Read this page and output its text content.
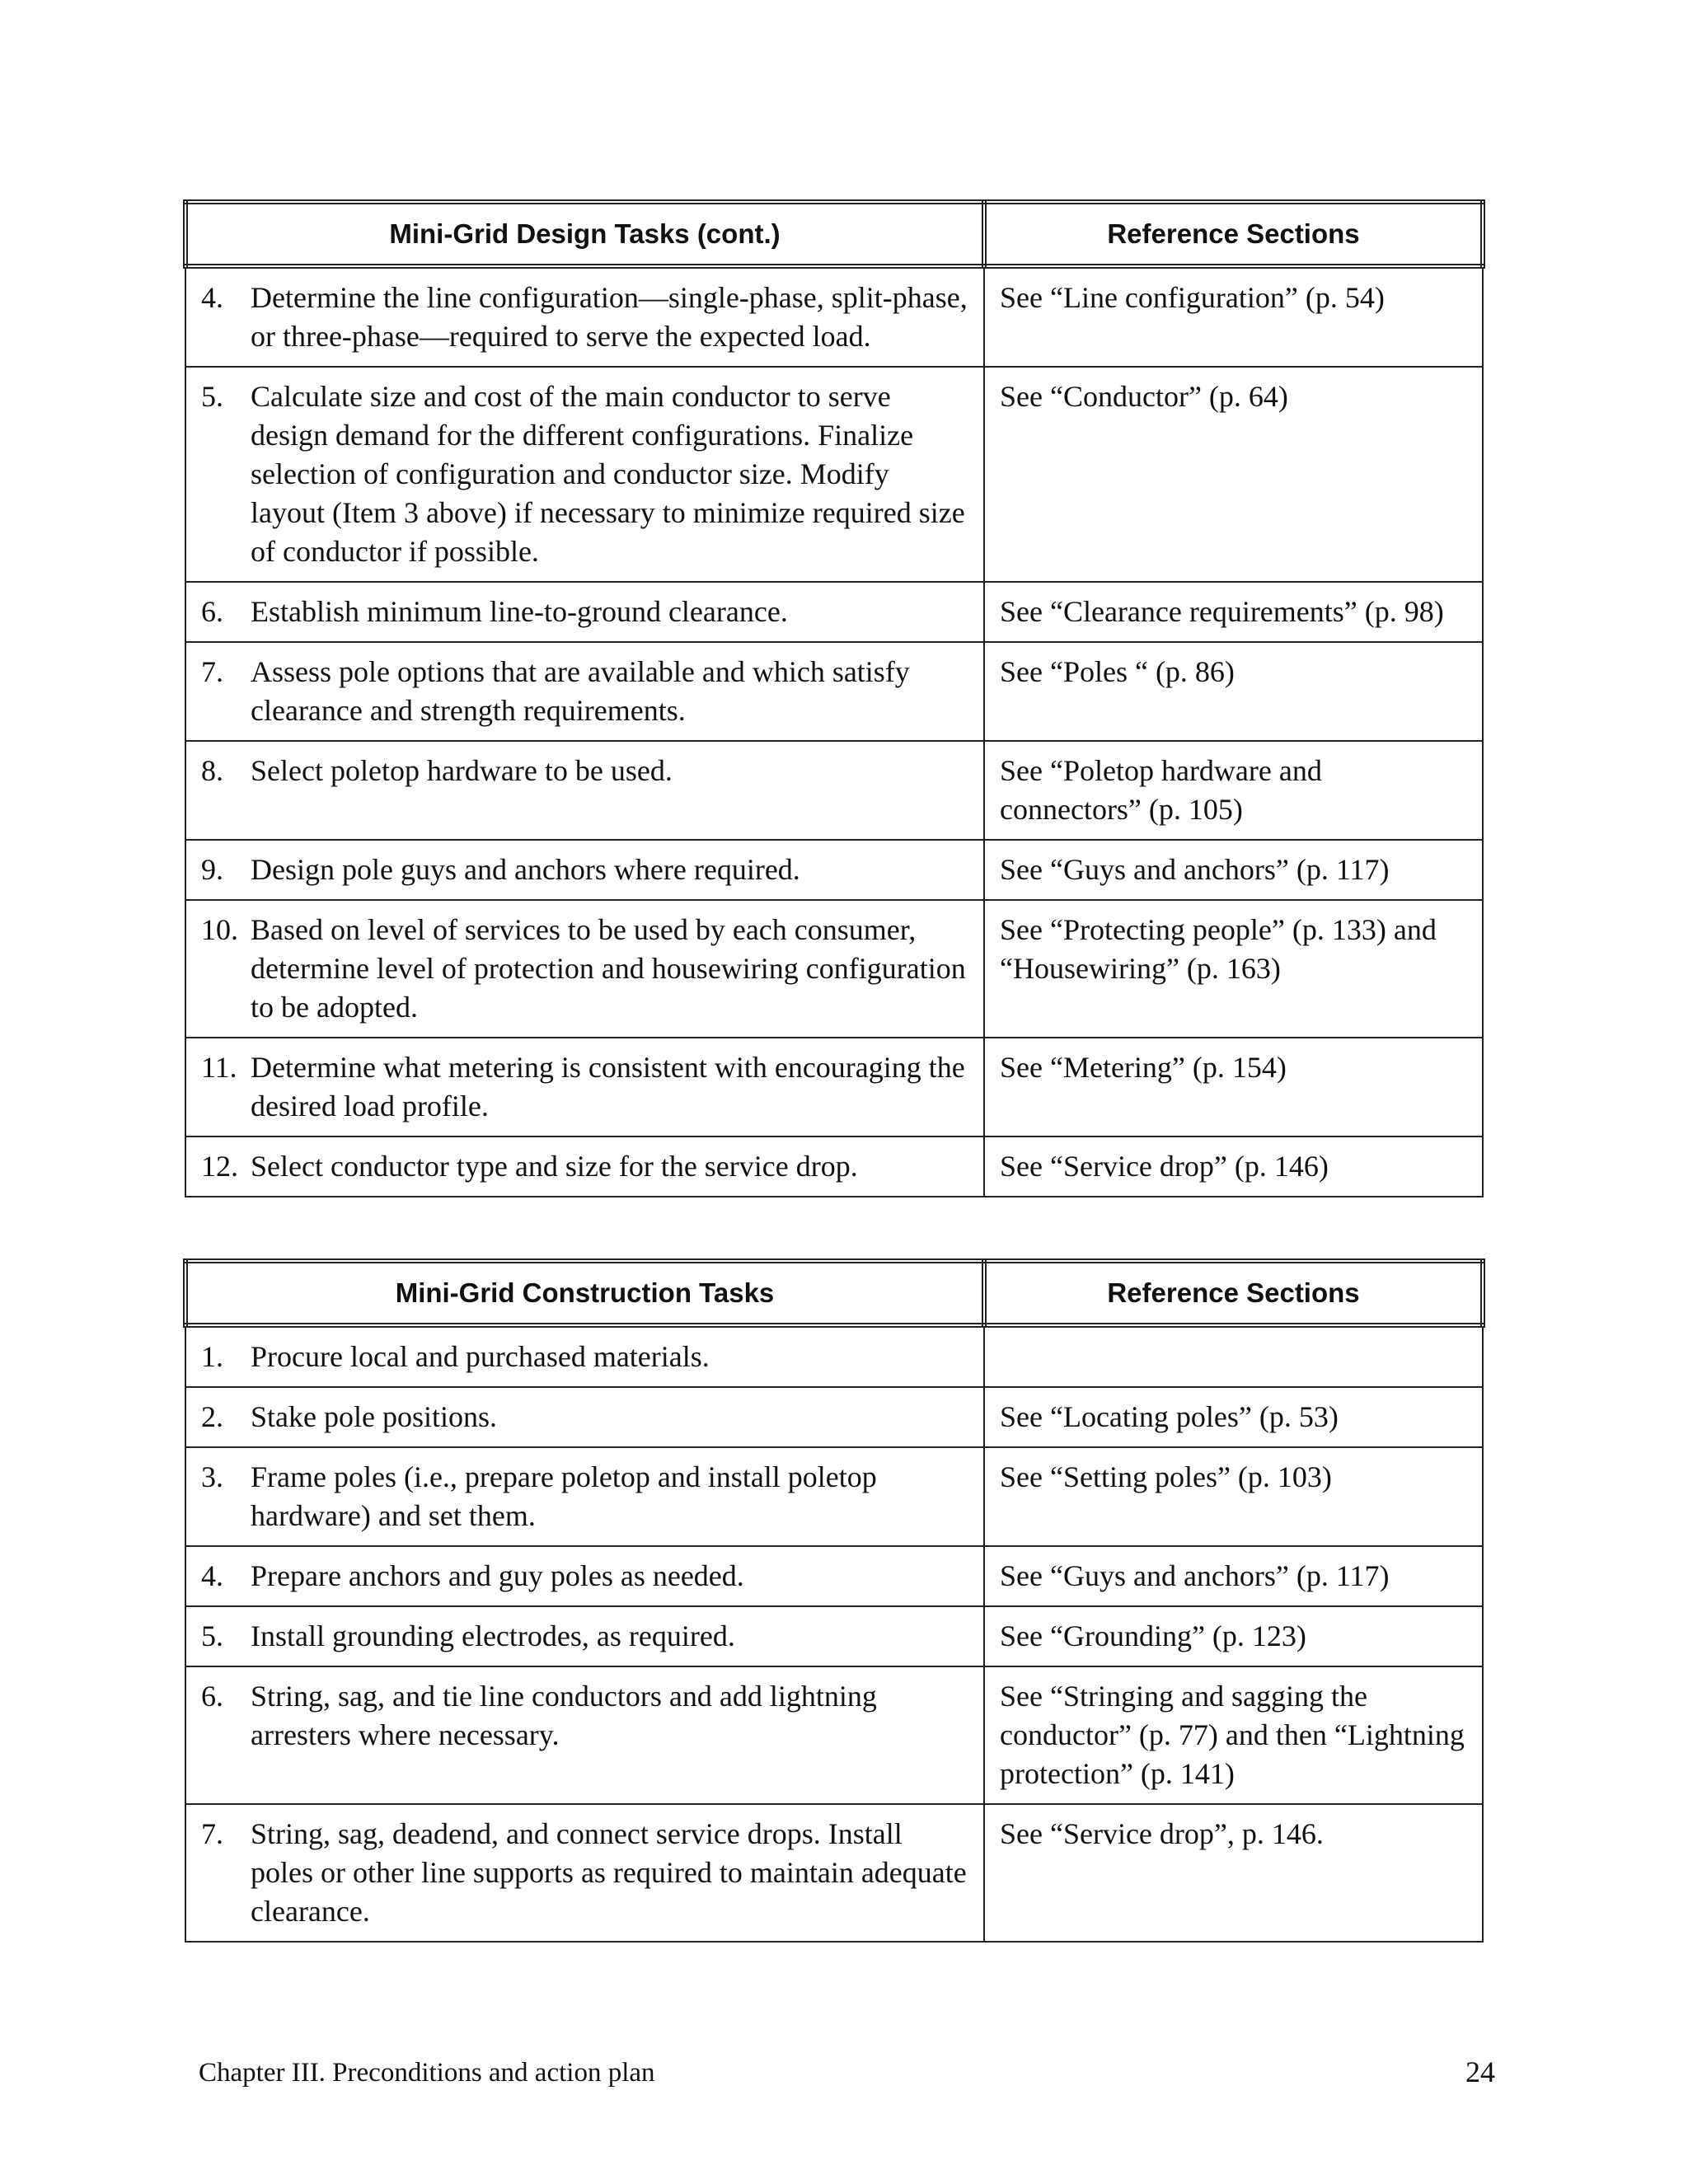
Mini-Grid Design Tasks (cont.)	Reference Sections

4. Determine the line configuration—single-phase, split-phase, or three-phase—required to serve the expected load.	See “Line configuration” (p. 54)

5. Calculate size and cost of the main conductor to serve design demand for the different configurations. Finalize selection of configuration and conductor size. Modify layout (Item 3 above) if necessary to minimize required size of conductor if possible.	See “Conductor” (p. 64)

6. Establish minimum line-to-ground clearance.	See “Clearance requirements” (p. 98)

7. Assess pole options that are available and which satisfy clearance and strength requirements.	See “Poles “ (p. 86)

8. Select poletop hardware to be used.	See “Poletop hardware and connectors” (p. 105)

9. Design pole guys and anchors where required.	See “Guys and anchors” (p. 117)

10. Based on level of services to be used by each consumer, determine level of protection and housewiring configuration to be adopted.	See “Protecting people” (p. 133) and “Housewiring” (p. 163)

11. Determine what metering is consistent with encouraging the desired load profile.	See “Metering” (p. 154)

12. Select conductor type and size for the service drop.	See “Service drop” (p. 146)
Mini-Grid Construction Tasks	Reference Sections

1. Procure local and purchased materials.	

2. Stake pole positions.	See “Locating poles” (p. 53)

3. Frame poles (i.e., prepare poletop and install poletop hardware) and set them.	See “Setting poles” (p. 103)

4. Prepare anchors and guy poles as needed.	See “Guys and anchors” (p. 117)

5. Install grounding electrodes, as required.	See “Grounding” (p. 123)

6. String, sag, and tie line conductors and add lightning arresters where necessary.	See “Stringing and sagging the conductor” (p. 77) and then “Lightning protection” (p. 141)

7. String, sag, deadend, and connect service drops. Install poles or other line supports as required to maintain adequate clearance.	See “Service drop”, p. 146.
Chapter III. Preconditions and action plan	24
